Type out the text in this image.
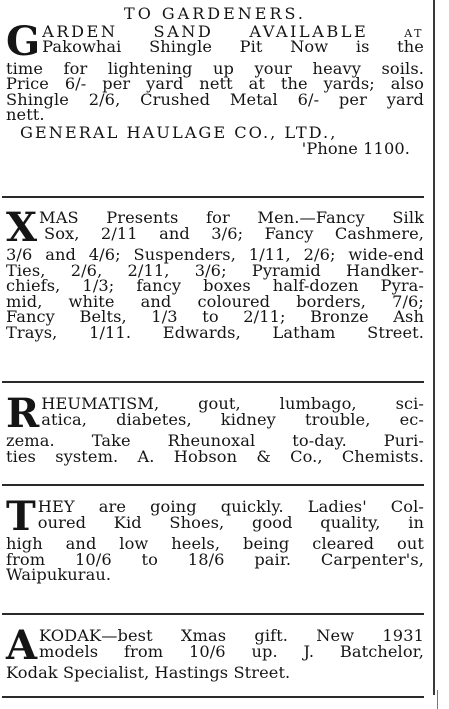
TO GARDENERS.
G ARDEN SAND AVAILABLE at
Pakowhai Shingle Pit Now is the
time for lightening up your heavy soils.
Price 6/- per yard nett at the yards; also
Shingle 2/6, Crushed Metal 6/- per yard
nett.
GENERAL HAULAGE CO., LTD.,
'Phone 1100.
X MAS Presents for Men.—Fancy Silk
Sox, 2/11 and 3/6; Fancy Cashmere,
3/6 and 4/6; Suspenders, 1/11, 2/6; wide-end
Ties, 2/6, 2/11, 3/6; Pyramid Handker-
chiefs, 1/3; fancy boxes half-dozen Pyra-
mid, white and coloured borders, 7/6;
Fancy Belts, 1/3 to 2/11; Bronze Ash
Trays, 1/11. Edwards, Latham Street.
R HEUMATISM, gout, lumbago, sci-
atica, diabetes, kidney trouble, ec-
zema. Take Rheunoxal to-day. Puri-
ties system. A. Hobson & Co., Chemists.
T HEY are going quickly. Ladies' Col-
oured Kid Shoes, good quality, in
high and low heels, being cleared out
from 10/6 to 18/6 pair. Carpenter's,
Waipukurau.
A KODAK—best Xmas gift. New 1931
models from 10/6 up. J. Batchelor,
Kodak Specialist, Hastings Street.
